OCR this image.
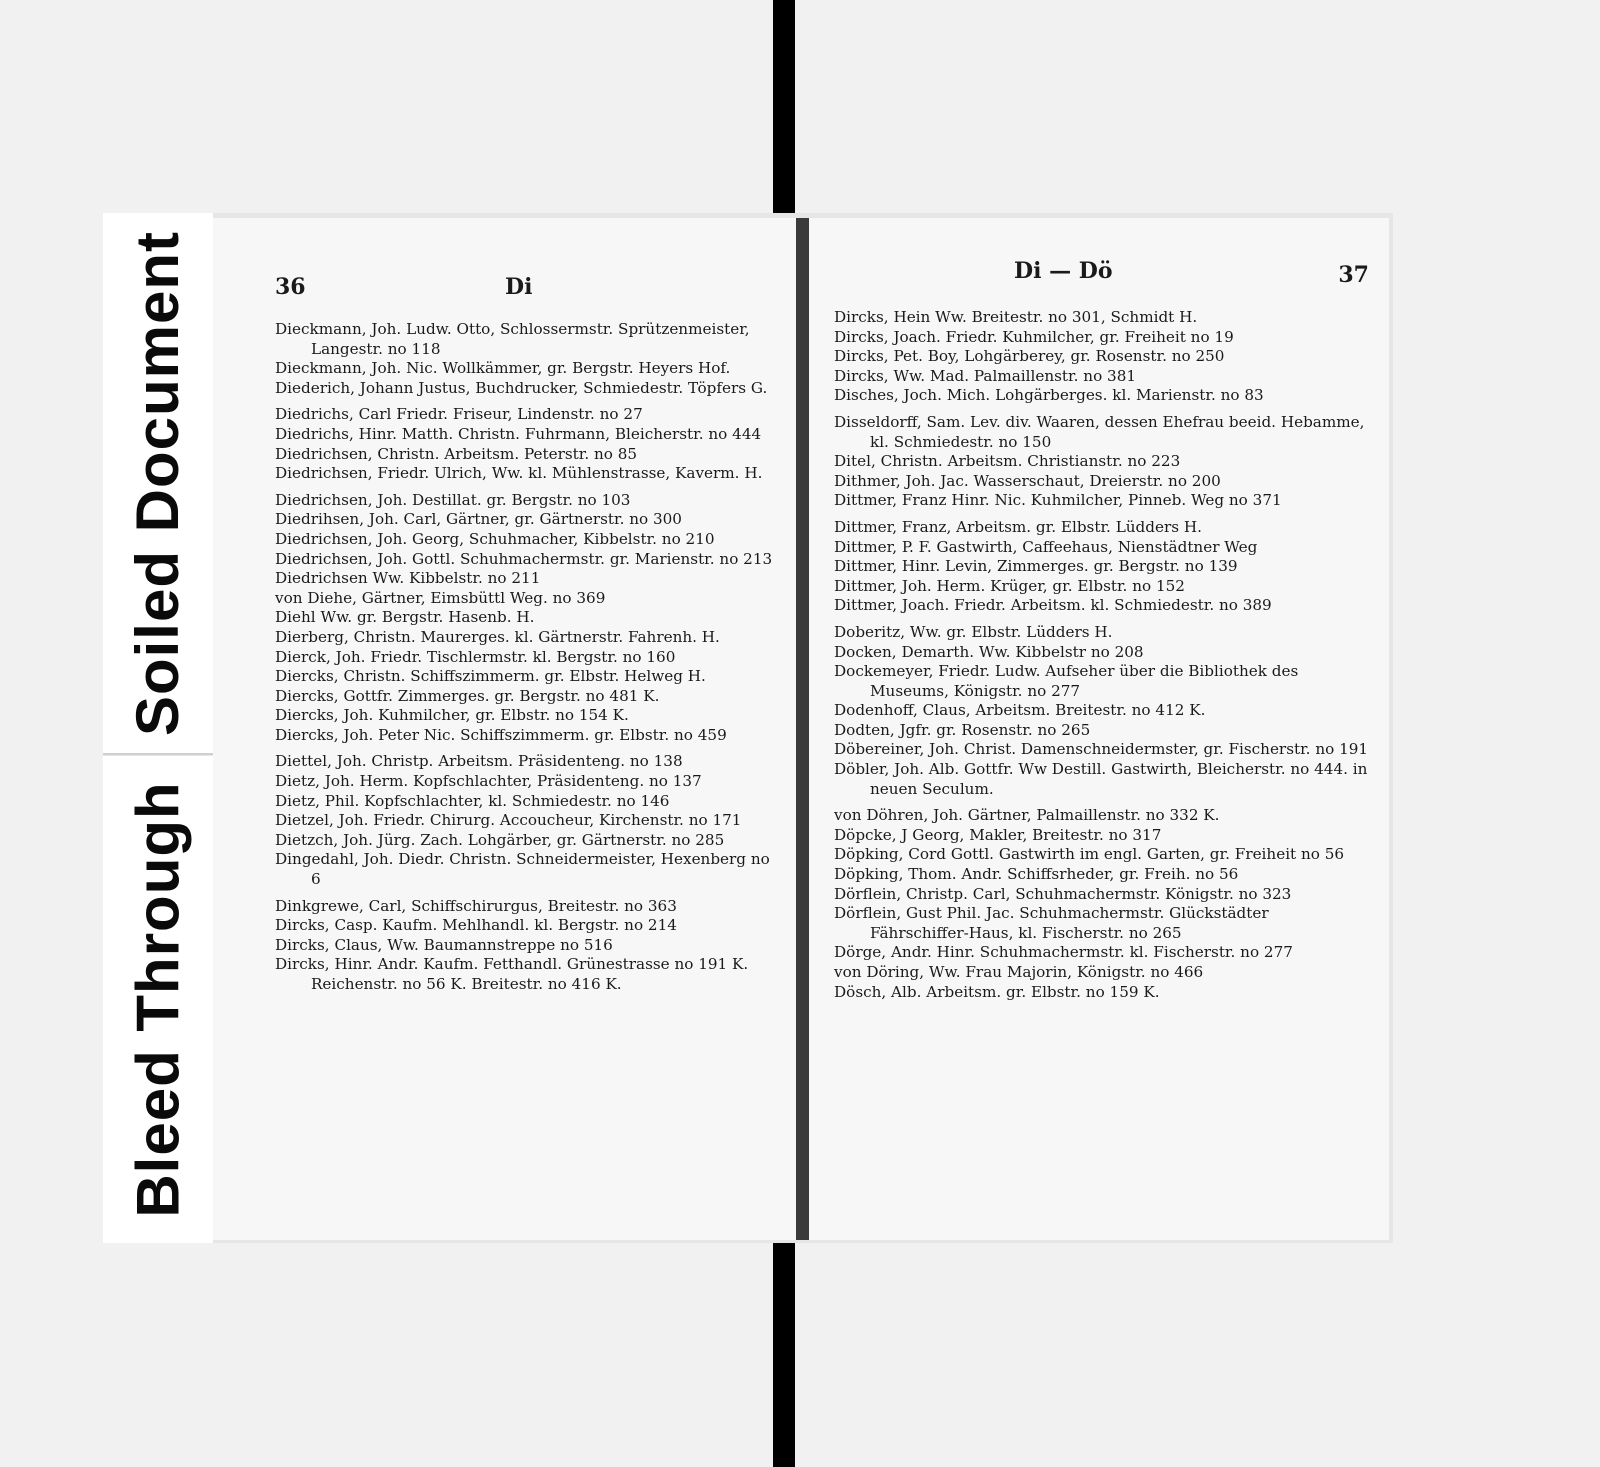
Soiled Document
Bleed Through
36	Di
Dieckmann, Joh. Ludw. Otto, Schlossermstr. Sprützenmeister, Langestr. no 118
Dieckmann, Joh. Nic. Wollkämmer, gr. Bergstr. Heyers Hof.
Diederich, Johann Justus, Buchdrucker, Schmiedestr. Töpfers G.
Diedrichs, Carl Friedr. Friseur, Lindenstr. no 27
Diedrichs, Hinr. Matth. Christn. Fuhrmann, Bleicherstr. no 444
Diedrichsen, Christn. Arbeitsm. Peterstr. no 85
Diedrichsen, Friedr. Ulrich, Ww. kl. Mühlenstrasse, Kaverm. H.
Diedrichsen, Joh. Destillat. gr. Bergstr. no 103
Diedrihsen, Joh. Carl, Gärtner, gr. Gärtnerstr. no 300
Diedrichsen, Joh. Georg, Schuhmacher, Kibbelstr. no 210
Diedrichsen, Joh. Gottl. Schuhmachermstr. gr. Marienstr. no 213
Diedrichsen Ww. Kibbelstr. no 211
von Diehe, Gärtner, Eimsbüttl Weg. no 369
Diehl Ww. gr. Bergstr. Hasenb. H.
Dierberg, Christn. Maurerges. kl. Gärtnerstr. Fahrenh. H.
Dierck, Joh. Friedr. Tischlermstr. kl. Bergstr. no 160
Diercks, Christn. Schiffszimmerm. gr. Elbstr. Helweg H.
Diercks, Gottfr. Zimmerges. gr. Bergstr. no 481 K.
Diercks, Joh. Kuhmilcher, gr. Elbstr. no 154 K.
Diercks, Joh. Peter Nic. Schiffszimmerm. gr. Elbstr. no 459
Diettel, Joh. Christp. Arbeitsm. Präsidenteng. no 138
Dietz, Joh. Herm. Kopfschlachter, Präsidenteng. no 137
Dietz, Phil. Kopfschlachter, kl. Schmiedestr. no 146
Dietzel, Joh. Friedr. Chirurg. Accoucheur, Kirchenstr. no 171
Dietzch, Joh. Jürg. Zach. Lohgärber, gr. Gärtnerstr. no 285
Dingedahl, Joh. Diedr. Christn. Schneidermeister, Hexenberg no 6
Dinkgrewe, Carl, Schiffschirurgus, Breitestr. no 363
Dircks, Casp. Kaufm. Mehlhandl. kl. Bergstr. no 214
Dircks, Claus, Ww. Baumannstreppe no 516
Dircks, Hinr. Andr. Kaufm. Fetthandl. Grünestrasse no 191 K. Reichenstr. no 56 K. Breitestr. no 416 K.
Di — Dö	37
Dircks, Hein Ww. Breitestr. no 301, Schmidt H.
Dircks, Joach. Friedr. Kuhmilcher, gr. Freiheit no 19
Dircks, Pet. Boy, Lohgärberey, gr. Rosenstr. no 250
Dircks, Ww. Mad. Palmaillenstr. no 381
Disches, Joch. Mich. Lohgärberges. kl. Marienstr. no 83
Disseldorff, Sam. Lev. div. Waaren, dessen Ehefrau beeid. Hebamme, kl. Schmiedestr. no 150
Ditel, Christn. Arbeitsm. Christianstr. no 223
Dithmer, Joh. Jac. Wasserschaut, Dreierstr. no 200
Dittmer, Franz Hinr. Nic. Kuhmilcher, Pinneb. Weg no 371
Dittmer, Franz, Arbeitsm. gr. Elbstr. Lüdders H.
Dittmer, P. F. Gastwirth, Caffeehaus, Nienstädtner Weg
Dittmer, Hinr. Levin, Zimmerges. gr. Bergstr. no 139
Dittmer, Joh. Herm. Krüger, gr. Elbstr. no 152
Dittmer, Joach. Friedr. Arbeitsm. kl. Schmiedestr. no 389
Doberitz, Ww. gr. Elbstr. Lüdders H.
Docken, Demarth. Ww. Kibbelstr no 208
Dockemeyer, Friedr. Ludw. Aufseher über die Bibliothek des Museums, Königstr. no 277
Dodenhoff, Claus, Arbeitsm. Breitestr. no 412 K.
Dodten, Jgfr. gr. Rosenstr. no 265
Döbereiner, Joh. Christ. Damenschneidermster, gr. Fischerstr. no 191
Döbler, Joh. Alb. Gottfr. Ww Destill. Gastwirth, Bleicherstr. no 444. in neuen Seculum.
von Döhren, Joh. Gärtner, Palmaillenstr. no 332 K.
Döpcke, J Georg, Makler, Breitestr. no 317
Döpking, Cord Gottl. Gastwirth im engl. Garten, gr. Freiheit no 56
Döpking, Thom. Andr. Schiffsrheder, gr. Freih. no 56
Dörflein, Christp. Carl, Schuhmachermstr. Königstr. no 323
Dörflein, Gust Phil. Jac. Schuhmachermstr. Glückstädter Fährschiffer-Haus, kl. Fischerstr. no 265
Dörge, Andr. Hinr. Schuhmachermstr. kl. Fischerstr. no 277
von Döring, Ww. Frau Majorin, Königstr. no 466
Dösch, Alb. Arbeitsm. gr. Elbstr. no 159 K.
